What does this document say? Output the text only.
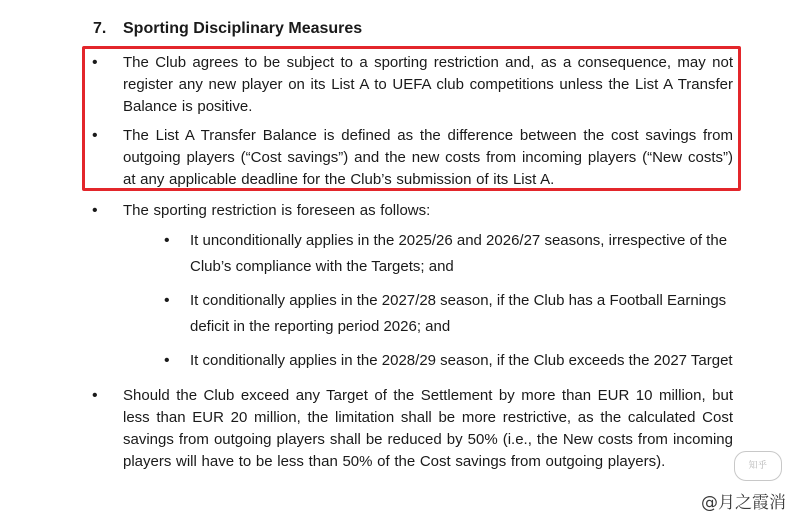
7. Sporting Disciplinary Measures
• The Club agrees to be subject to a sporting restriction and, as a consequence, may not register any new player on its List A to UEFA club competitions unless the List A Transfer Balance is positive.
• The List A Transfer Balance is defined as the difference between the cost savings from outgoing players (“Cost savings”) and the new costs from incoming players (“New costs”) at any applicable deadline for the Club’s submission of its List A.
• The sporting restriction is foreseen as follows:
• It unconditionally applies in the 2025/26 and 2026/27 seasons, irrespective of the Club’s compliance with the Targets; and
• It conditionally applies in the 2027/28 season, if the Club has a Football Earnings deficit in the reporting period 2026; and
• It conditionally applies in the 2028/29 season, if the Club exceeds the 2027 Target
• Should the Club exceed any Target of the Settlement by more than EUR 10 million, but less than EUR 20 million, the limitation shall be more restrictive, as the calculated Cost savings from outgoing players shall be reduced by 50% (i.e., the New costs from incoming players will have to be less than 50% of the Cost savings from outgoing players).	知乎
@月之霞消
